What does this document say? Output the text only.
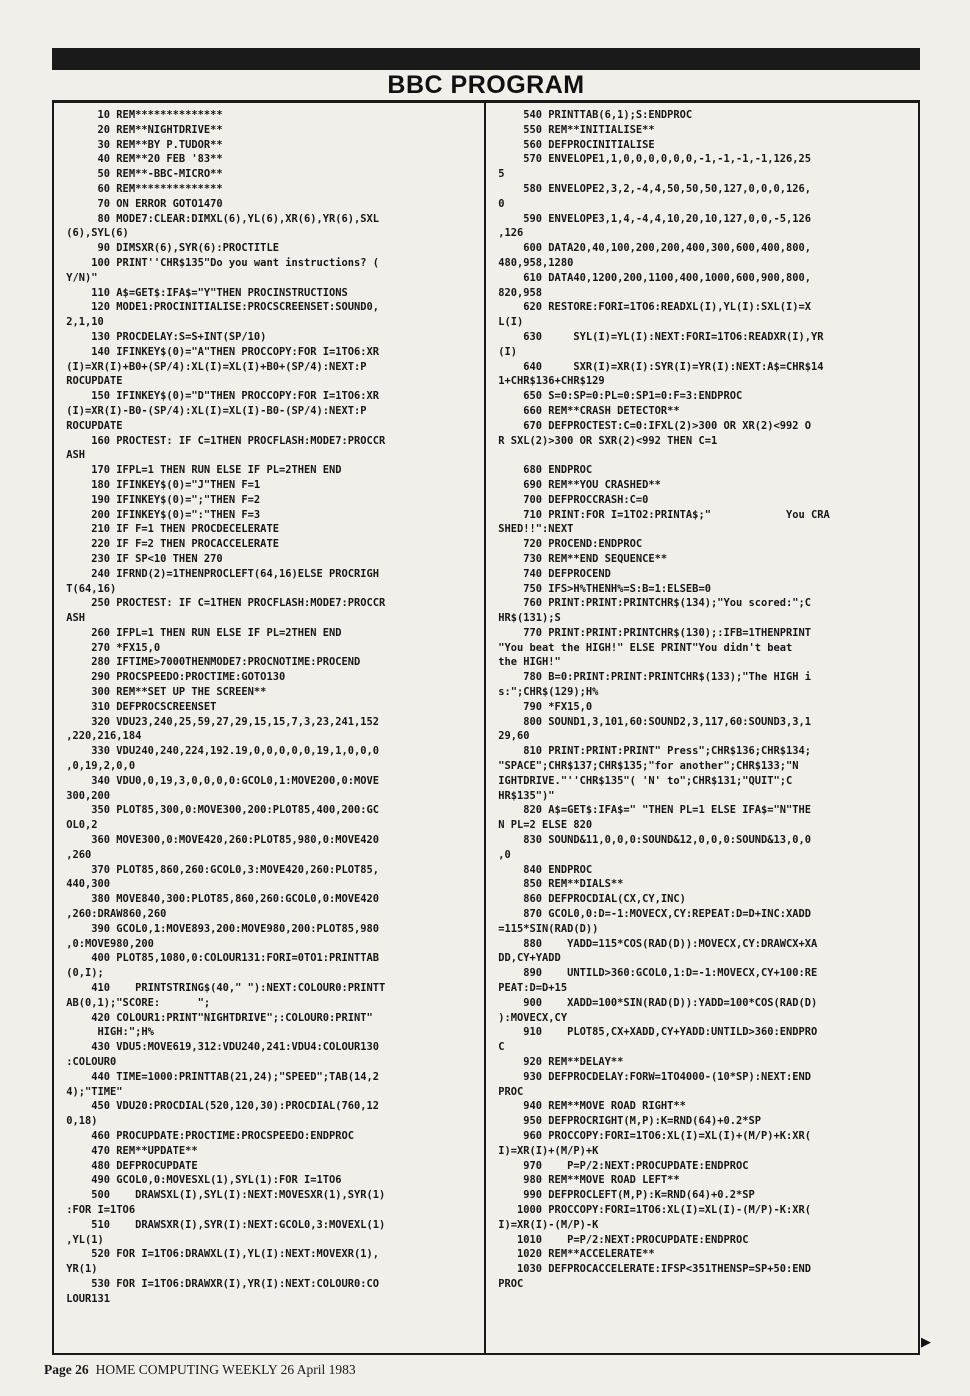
BBC PROGRAM
10 REM**************
20 REM**NIGHTDRIVE**
30 REM**BY P.TUDOR**
40 REM**20 FEB '83**
50 REM**-BBC-MICRO**
60 REM**************
70 ON ERROR GOTO1470
80 MODE7:CLEAR:DIMXL(6),YL(6),XR(6),YR(6),SXL
(6),SYL(6)
90 DIMSXR(6),SYR(6):PROCTITLE
100 PRINT''CHR$135"Do you want instructions? (
Y/N)"
110 A$=GET$:IFA$="Y"THEN PROCINSTRUCTIONS
120 MODE1:PROCINITIALISE:PROCSCREENSET:SOUND0,
2,1,10
130 PROCDELAY:S=S+INT(SP/10)
140 IFINKEY$(0)="A"THEN PROCCOPY:FOR I=1TO6:XR
(I)=XR(I)+B0+(SP/4):XL(I)=XL(I)+B0+(SP/4):NEXT:P
ROCUPDATE
150 IFINKEY$(0)="D"THEN PROCCOPY:FOR I=1TO6:XR
(I)=XR(I)-B0-(SP/4):XL(I)=XL(I)-B0-(SP/4):NEXT:P
ROCUPDATE
160 PROCTEST: IF C=1THEN PROCFLASH:MODE7:PROCCR
ASH
170 IFPL=1 THEN RUN ELSE IF PL=2THEN END
180 IFINKEY$(0)="J"THEN F=1
190 IFINKEY$(0)=";"THEN F=2
200 IFINKEY$(0)=":"THEN F=3
210 IF F=1 THEN PROCDECELERATE
220 IF F=2 THEN PROCACCELERATE
230 IF SP<10 THEN 270
240 IFRND(2)=1THENPROCLEFT(64,16)ELSE PROCRIGH
T(64,16)
250 PROCTEST: IF C=1THEN PROCFLASH:MODE7:PROCCR
ASH
260 IFPL=1 THEN RUN ELSE IF PL=2THEN END
270 *FX15,0
280 IFTIME>7000THENMODE7:PROCNOTIME:PROCEND
290 PROCSPEEDO:PROCTIME:GOTO130
300 REM**SET UP THE SCREEN**
310 DEFPROCSCREENSET
320 VDU23,240,25,59,27,29,15,15,7,3,23,241,152
,220,216,184
330 VDU240,240,224,192.19,0,0,0,0,0,19,1,0,0,0
,0,19,2,0,0
340 VDU0,0,19,3,0,0,0,0:GCOL0,1:MOVE200,0:MOVE
300,200
350 PLOT85,300,0:MOVE300,200:PLOT85,400,200:GC
OL0,2
360 MOVE300,0:MOVE420,260:PLOT85,980,0:MOVE420
,260
370 PLOT85,860,260:GCOL0,3:MOVE420,260:PLOT85,
440,300
380 MOVE840,300:PLOT85,860,260:GCOL0,0:MOVE420
,260:DRAW860,260
390 GCOL0,1:MOVE893,200:MOVE980,200:PLOT85,980
,0:MOVE980,200
400 PLOT85,1080,0:COLOUR131:FORI=0TO1:PRINTTAB
(0,I);
410    PRINTSTRING$(40," "):NEXT:COLOUR0:PRINTT
AB(0,1);"SCORE:      ";
420 COLOUR1:PRINT"NIGHTDRIVE";:COLOUR0:PRINT"
HIGH:";H%
430 VDU5:MOVE619,312:VDU240,241:VDU4:COLOUR130
:COLOUR0
440 TIME=1000:PRINTTAB(21,24);"SPEED";TAB(14,2
4);"TIME"
450 VDU20:PROCDIAL(520,120,30):PROCDIAL(760,12
0,18)
460 PROCUPDATE:PROCTIME:PROCSPEEDO:ENDPROC
470 REM**UPDATE**
480 DEFPROCUPDATE
490 GCOL0,0:MOVESXL(1),SYL(1):FOR I=1TO6
500    DRAWSXL(I),SYL(I):NEXT:MOVESXR(1),SYR(1)
:FOR I=1TO6
510    DRAWSXR(I),SYR(I):NEXT:GCOL0,3:MOVEXL(1)
,YL(1)
520 FOR I=1TO6:DRAWXL(I),YL(I):NEXT:MOVEXR(1),
YR(1)
530 FOR I=1TO6:DRAWXR(I),YR(I):NEXT:COLOUR0:CO
LOUR131
540 PRINTTAB(6,1);S:ENDPROC
550 REM**INITIALISE**
560 DEFPROCINITIALISE
570 ENVELOPE1,1,0,0,0,0,0,0,-1,-1,-1,-1,126,25
5
580 ENVELOPE2,3,2,-4,4,50,50,50,127,0,0,0,126,
0
590 ENVELOPE3,1,4,-4,4,10,20,10,127,0,0,-5,126
,126
600 DATA20,40,100,200,200,400,300,600,400,800,
480,958,1280
610 DATA40,1200,200,1100,400,1000,600,900,800,
820,958
620 RESTORE:FORI=1TO6:READXL(I),YL(I):SXL(I)=X
L(I)
630     SYL(I)=YL(I):NEXT:FORI=1TO6:READXR(I),YR
(I)
640     SXR(I)=XR(I):SYR(I)=YR(I):NEXT:A$=CHR$14
1+CHR$136+CHR$129
650 S=0:SP=0:PL=0:SP1=0:F=3:ENDPROC
660 REM**CRASH DETECTOR**
670 DEFPROCTEST:C=0:IFXL(2)>300 OR XR(2)<992 O
R SXL(2)>300 OR SXR(2)<992 THEN C=1
680 ENDPROC
690 REM**YOU CRASHED**
700 DEFPROCCRASH:C=0
710 PRINT:FOR I=1TO2:PRINTA$;"            You CRA
SHED!!":NEXT
720 PROCEND:ENDPROC
730 REM**END SEQUENCE**
740 DEFPROCEND
750 IFS>H%THENH%=S:B=1:ELSEB=0
760 PRINT:PRINT:PRINTCHR$(134);"You scored:";C
HR$(131);S
770 PRINT:PRINT:PRINTCHR$(130);:IFB=1THENPRINT
"You beat the HIGH!" ELSE PRINT"You didn't beat
the HIGH!"
780 B=0:PRINT:PRINT:PRINTCHR$(133);"The HIGH i
s:";CHR$(129);H%
790 *FX15,0
800 SOUND1,3,101,60:SOUND2,3,117,60:SOUND3,3,1
29,60
810 PRINT:PRINT:PRINT" Press";CHR$136;CHR$134;
"SPACE";CHR$137;CHR$135;"for another";CHR$133;"N
IGHTDRIVE."''CHR$135"( 'N' to";CHR$131;"QUIT";C
HR$135")"
820 A$=GET$:IFA$=" "THEN PL=1 ELSE IFA$="N"THE
N PL=2 ELSE 820
830 SOUND&11,0,0,0:SOUND&12,0,0,0:SOUND&13,0,0
,0
840 ENDPROC
850 REM**DIALS**
860 DEFPROCDIAL(CX,CY,INC)
870 GCOL0,0:D=-1:MOVECX,CY:REPEAT:D=D+INC:XADD
=115*SIN(RAD(D))
880    YADD=115*COS(RAD(D)):MOVECX,CY:DRAWCX+XA
DD,CY+YADD
890    UNTILD>360:GCOL0,1:D=-1:MOVECX,CY+100:RE
PEAT:D=D+15
900    XADD=100*SIN(RAD(D)):YADD=100*COS(RAD(D)
):MOVECX,CY
910    PLOT85,CX+XADD,CY+YADD:UNTILD>360:ENDPRO
C
920 REM**DELAY**
930 DEFPROCDELAY:FORW=1TO4000-(10*SP):NEXT:END
PROC
940 REM**MOVE ROAD RIGHT**
950 DEFPROCRIGHT(M,P):K=RND(64)+0.2*SP
960 PROCCOPY:FORI=1TO6:XL(I)=XL(I)+(M/P)+K:XR(
I)=XR(I)+(M/P)+K
970    P=P/2:NEXT:PROCUPDATE:ENDPROC
980 REM**MOVE ROAD LEFT**
990 DEFPROCLEFT(M,P):K=RND(64)+0.2*SP
1000 PROCCOPY:FORI=1TO6:XL(I)=XL(I)-(M/P)-K:XR(
I)=XR(I)-(M/P)-K
1010    P=P/2:NEXT:PROCUPDATE:ENDPROC
1020 REM**ACCELERATE**
1030 DEFPROCACCELERATE:IFSP<351THENSP=SP+50:END
PROC
▶
Page 26 HOME COMPUTING WEEKLY 26 April 1983
